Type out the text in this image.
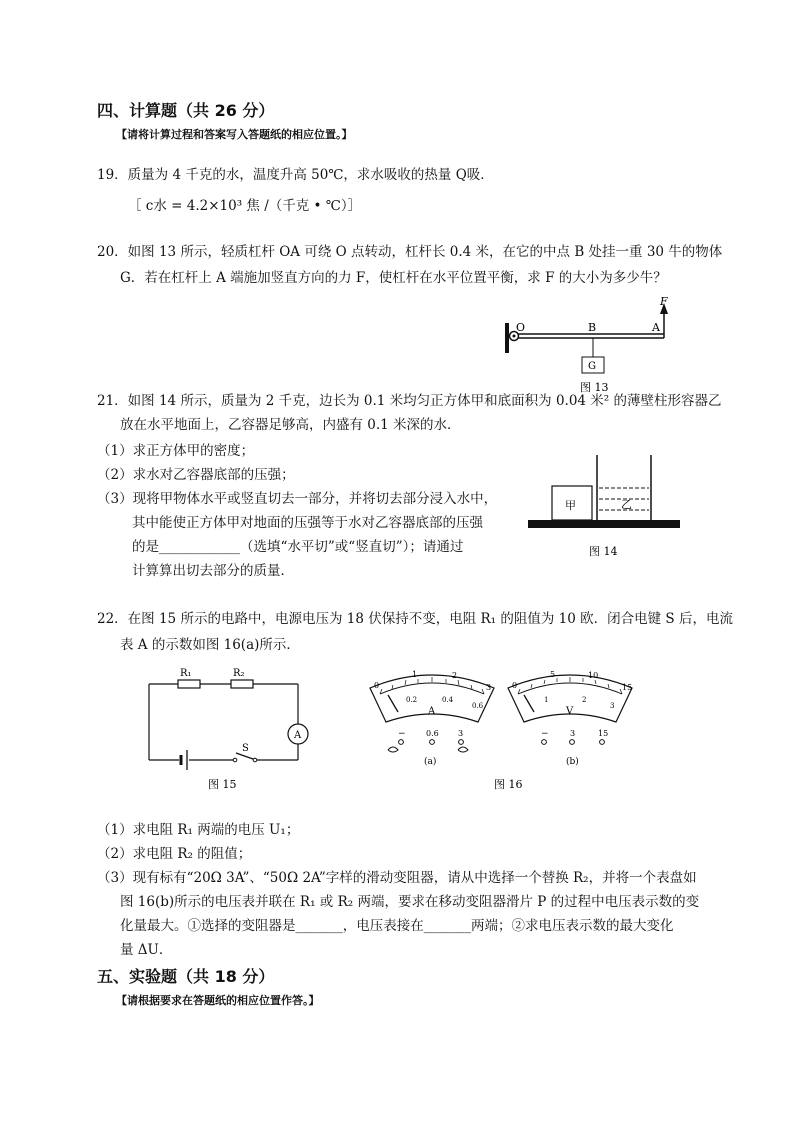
四、计算题（共 26 分）
【请将计算过程和答案写入答题纸的相应位置。】
19．质量为 4 千克的水，温度升高 50℃，求水吸收的热量 Q吸．
［ c水 = 4.2×10³ 焦 /（千克 • ℃）］
20．如图 13 所示，轻质杠杆 OA 可绕 O 点转动，杠杆长 0.4 米，在它的中点 B 处挂一重 30 牛的物体
G．若在杠杆上 A 端施加竖直方向的力 F，使杠杆在水平位置平衡，求 F 的大小为多少牛？
O	B	A
F
G
图 13
21．如图 14 所示，质量为 2 千克，边长为 0.1 米均匀正方体甲和底面积为 0.04 米² 的薄壁柱形容器乙
放在水平地面上，乙容器足够高，内盛有 0.1 米深的水．
（1）求正方体甲的密度；
（2）求水对乙容器底部的压强；
（3）现将甲物体水平或竖直切去一部分，并将切去部分浸入水中，
其中能使正方体甲对地面的压强等于水对乙容器底部的压强
的是____________（选填“水平切”或“竖直切”）；请通过
计算算出切去部分的质量．
甲	乙
图 14
22．在图 15 所示的电路中，电源电压为 18 伏保持不变，电阻 R₁ 的阻值为 10 欧．闭合电键 S 后，电流
表 A 的示数如图 16(a)所示．
A
S
R₁	R₂
图 15
0
1	2
3
0.2	0.4
0.6
A
−	0.6 3
(a)
0
5	10
15
1	2
3
V
−	3	15
(b)
图 16
（1）求电阻 R₁ 两端的电压 U₁；
（2）求电阻 R₂ 的阻值；
（3）现有标有“20Ω 3A”、“50Ω 2A”字样的滑动变阻器，请从中选择一个替换 R₂，并将一个表盘如
图 16(b)所示的电压表并联在 R₁ 或 R₂ 两端，要求在移动变阻器滑片 P 的过程中电压表示数的变
化量最大。①选择的变阻器是_______，电压表接在_______两端；②求电压表示数的最大变化
量 ΔU．
五、实验题（共 18 分）
【请根据要求在答题纸的相应位置作答。】
